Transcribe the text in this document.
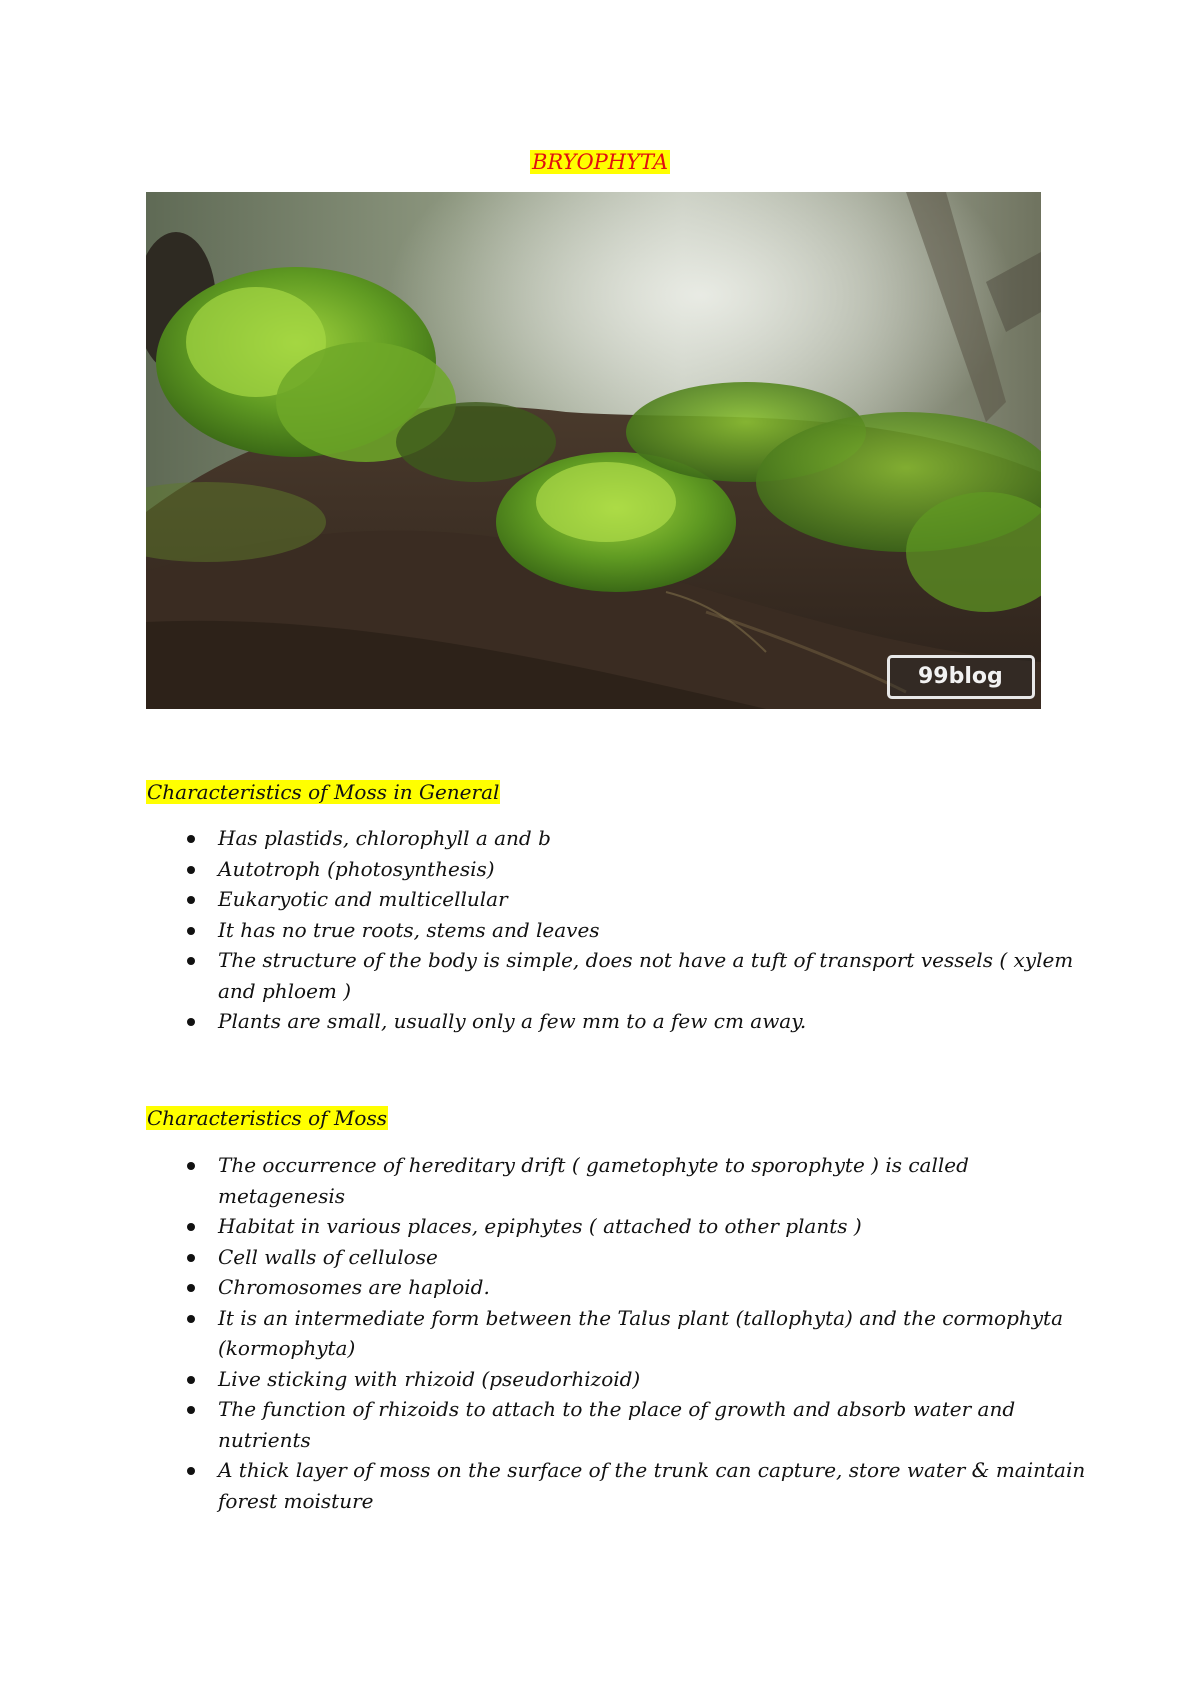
BRYOPHYTA
99blog
Characteristics of Moss in General
Has plastids, chlorophyll a and b
Autotroph (photosynthesis)
Eukaryotic and multicellular
It has no true roots, stems and leaves
The structure of the body is simple, does not have a tuft of transport vessels ( xylem and phloem )
Plants are small, usually only a few mm to a few cm away.
Characteristics of Moss
The occurrence of hereditary drift ( gametophyte to sporophyte ) is called metagenesis
Habitat in various places, epiphytes ( attached to other plants )
Cell walls of cellulose
Chromosomes are haploid.
It is an intermediate form between the Talus plant (tallophyta) and the cormophyta (kormophyta)
Live sticking with rhizoid (pseudorhizoid)
The function of rhizoids to attach to the place of growth and absorb water and nutrients
A thick layer of moss on the surface of the trunk can capture, store water & maintain forest moisture
